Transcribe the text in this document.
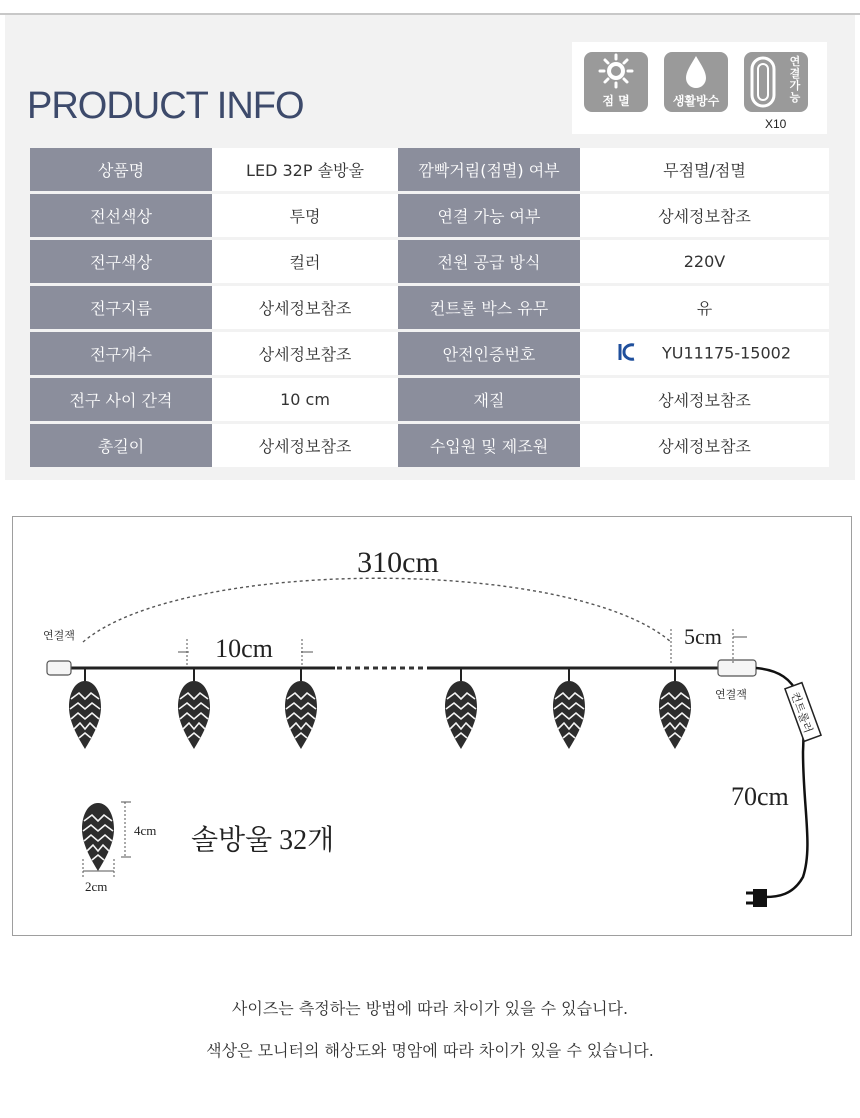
PRODUCT INFO	점 멸	생활방수
연결가능
X10
상품명	LED 32P 솔방울	깜빡거림(점멸) 여부	무점멸/점멸
전선색상	투명	연결 가능 여부	상세정보참조
전구색상	컬러	전원 공급 방식	220V
전구지름	상세정보참조	컨트롤 박스 유무	유
전구개수	상세정보참조	안전인증번호	YU11175-15002
전구 사이 간격	10 cm	재질	상세정보참조
총길이	상세정보참조	수입원 및 제조원	상세정보참조
310cm
연결잭
연결잭	컨트롤러
70cm
10cm	5cm
4cm
2cm
솔방울 32개
사이즈는 측정하는 방법에 따라 차이가 있을 수 있습니다.
색상은 모니터의 해상도와 명암에 따라 차이가 있을 수 있습니다.
